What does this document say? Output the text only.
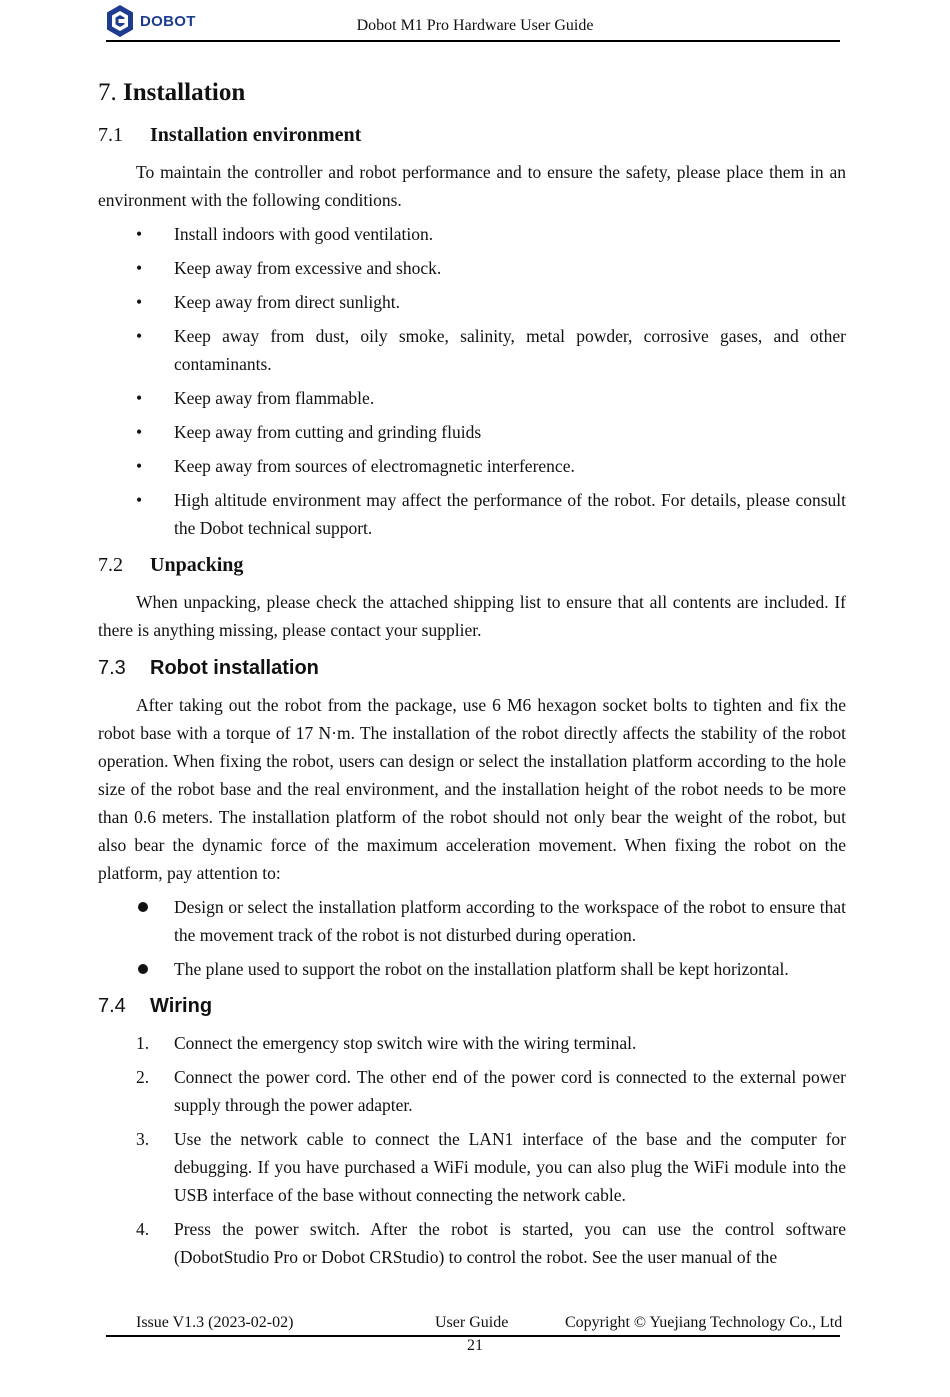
DOBOT	Dobot M1 Pro Hardware User Guide
7. Installation
7.1	Installation environment

To maintain the controller and robot performance and to ensure the safety, please place them in an environment with the following conditions.

• Install indoors with good ventilation.
• Keep away from excessive and shock.
• Keep away from direct sunlight.
• Keep away from dust, oily smoke, salinity, metal powder, corrosive gases, and other contaminants.
• Keep away from flammable.
• Keep away from cutting and grinding fluids
• Keep away from sources of electromagnetic interference.
• High altitude environment may affect the performance of the robot. For details, please consult the Dobot technical support.
7.2	Unpacking

When unpacking, please check the attached shipping list to ensure that all contents are included. If there is anything missing, please contact your supplier.

7.3	Robot installation

After taking out the robot from the package, use 6 M6 hexagon socket bolts to tighten and fix the robot base with a torque of 17 N·m. The installation of the robot directly affects the stability of the robot operation. When fixing the robot, users can design or select the installation platform according to the hole size of the robot base and the real environment, and the installation height of the robot needs to be more than 0.6 meters. The installation platform of the robot should not only bear the weight of the robot, but also bear the dynamic force of the maximum acceleration movement. When fixing the robot on the platform, pay attention to:

Design or select the installation platform according to the workspace of the robot to ensure that the movement track of the robot is not disturbed during operation.
The plane used to support the robot on the installation platform shall be kept horizontal.
7.4	Wiring
1. Connect the emergency stop switch wire with the wiring terminal.
2. Connect the power cord. The other end of the power cord is connected to the external power supply through the power adapter.
3. Use the network cable to connect the LAN1 interface of the base and the computer for debugging. If you have purchased a WiFi module, you can also plug the WiFi module into the USB interface of the base without connecting the network cable.
4. Press the power switch. After the robot is started, you can use the control software (DobotStudio Pro or Dobot CRStudio) to control the robot. See the user manual of the
Issue V1.3 (2023-02-02)	User Guide	Copyright © Yuejiang Technology Co., Ltd
21
